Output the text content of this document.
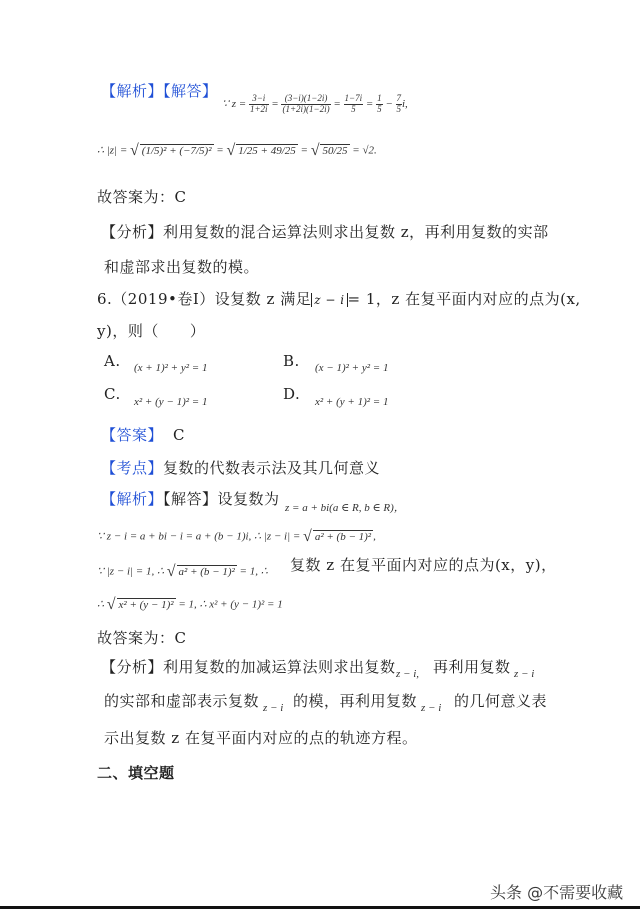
【解析】【解答】
∵ $z = \frac{3-i}{1+2i} = \frac{(3-i)(1-2i)}{(1+2i)(1-2i)} = \frac{1-7i}{5} = \frac{1}{5} - \frac{7}{5} i$,
∴ |z| = √ (1/5)² + (−7/5)² = √ 1/25 + 49/25 = √ 50/25 = √2.
故答案为：C
【分析】利用复数的混合运算法则求出复数 z，再利用复数的实部
和虚部求出复数的模。
6.（2019•卷Ⅰ）设复数 z 满足 z − i = 1，z 在复平面内对应的点为(x,
y)，则（　　）
A. (x + 1)² + y² = 1	B. (x − 1)² + y² = 1
C. x² + (y − 1)² = 1	D. x² + (y + 1)² = 1
【答案】 C
【考点】复数的代数表示法及其几何意义
【解析】【解答】设复数为 z = a + bi(a ∈ R, b ∈ R)，
∵ z − i = a + bi − i = a + (b − 1)i, ∴ |z − i| = √ a² + (b − 1)² ,
∵ |z − i| = 1, ∴ √ a² + (b − 1)² = 1, ∴ 复数 z 在复平面内对应的点为(x，y)，
∴ √ x² + (y − 1)² = 1, ∴ x² + (y − 1)² = 1
故答案为：C
【分析】利用复数的加减运算法则求出复数 z − i, 再利用复数 z − i
的实部和虚部表示复数 z − i 的模，再利用复数 z − i 的几何意义表
示出复数 z 在复平面内对应的点的轨迹方程。
二、填空题
头条 @不需要收藏
